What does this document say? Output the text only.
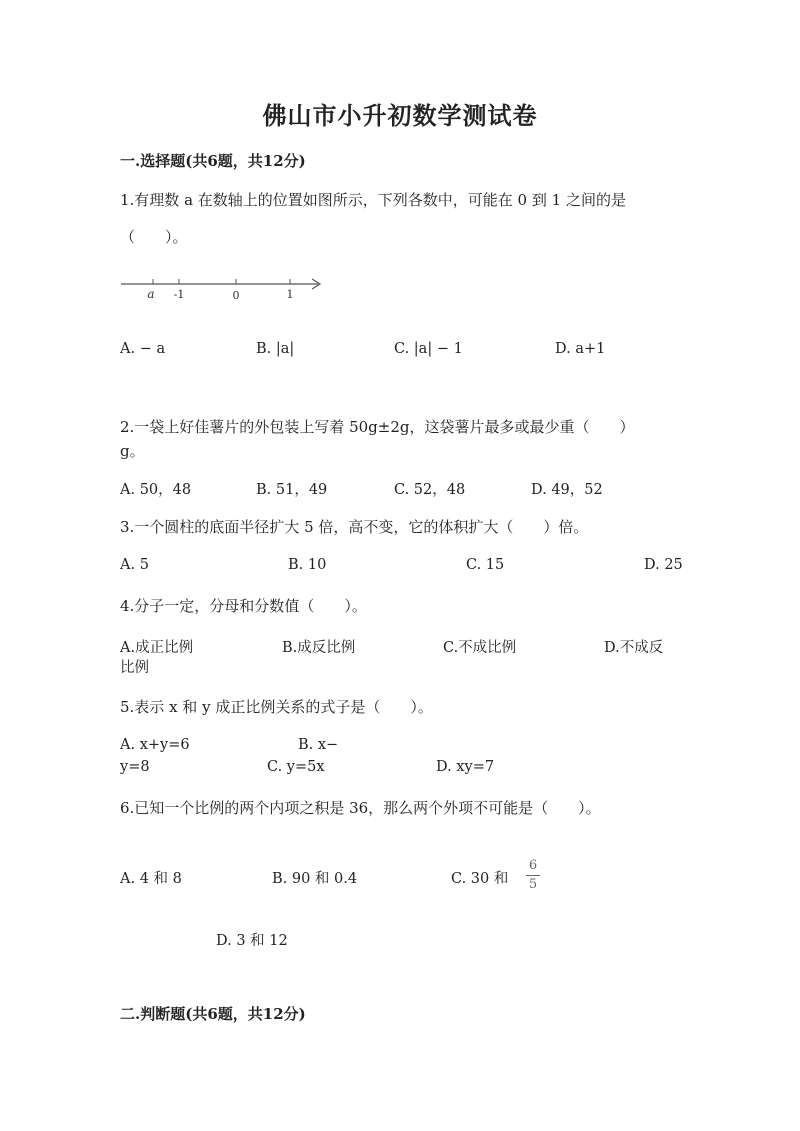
佛山市小升初数学测试卷
一.选择题(共6题，共12分)
1.有理数 a 在数轴上的位置如图所示，下列各数中，可能在 0 到 1 之间的是
（　　）。
a -1	0	1
A. − a	B. |a|	C. |a| − 1	D. a+1
2.一袋上好佳薯片的外包装上写着 50g±2g，这袋薯片最多或最少重（　　）
g。
A. 50，48	B. 51，49	C. 52，48	D. 49，52
3.一个圆柱的底面半径扩大 5 倍，高不变，它的体积扩大（　　）倍。
A. 5	B. 10	C. 15	D. 25
4.分子一定，分母和分数值（　　）。
A.成正比例	B.成反比例	C.不成比例	D.不成反
比例
5.表示 x 和 y 成正比例关系的式子是（　　）。
A. x+y=6	B. x−
y=8	C. y=5x	D. xy=7
6.已知一个比例的两个内项之积是 36，那么两个外项不可能是（　　）。
A. 4 和 8	B. 90 和 0.4	C. 30 和
6
5
D. 3 和 12
二.判断题(共6题，共12分)
